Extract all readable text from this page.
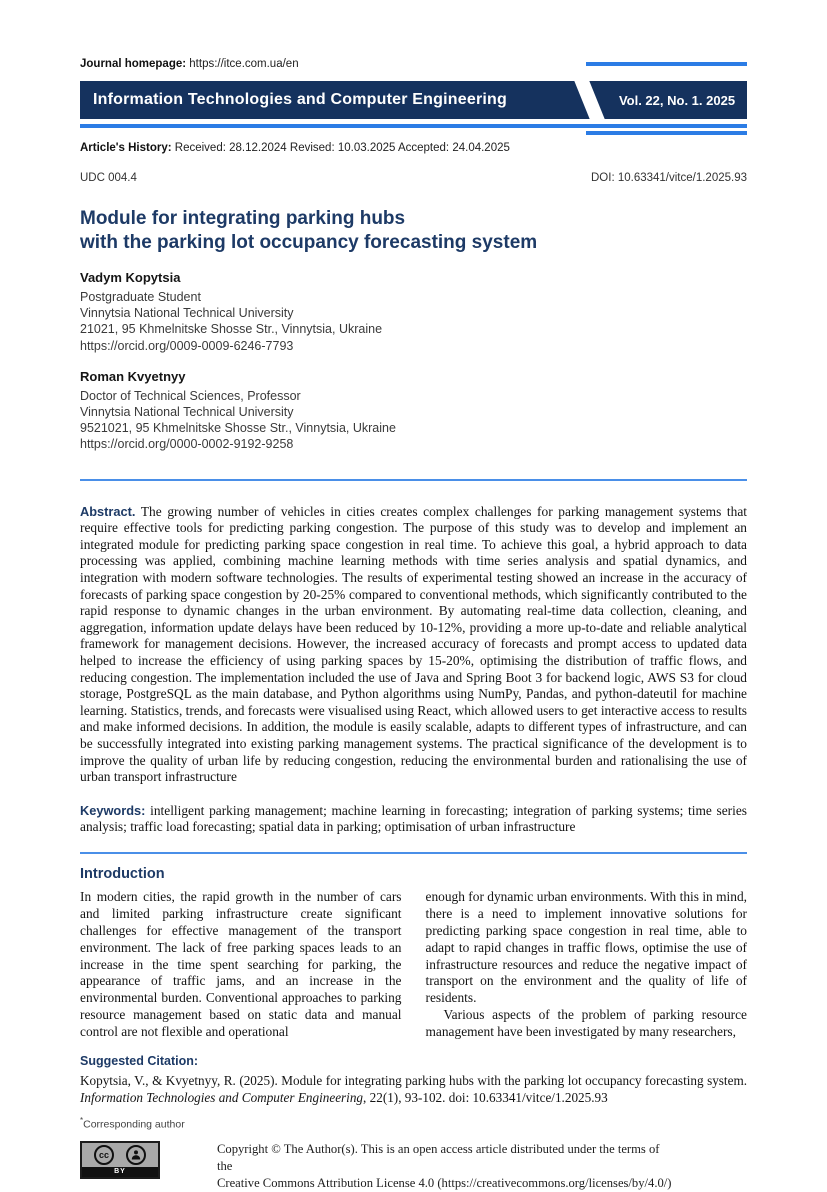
Journal homepage: https://itce.com.ua/en
Information Technologies and Computer Engineering	Vol. 22, No. 1. 2025
Article's History: Received: 28.12.2024 Revised: 10.03.2025 Accepted: 24.04.2025
UDC 004.4	DOI: 10.63341/vitce/1.2025.93
Module for integrating parking hubs
with the parking lot occupancy forecasting system
Vadym Kopytsia
Postgraduate Student
Vinnytsia National Technical University
21021, 95 Khmelnitske Shosse Str., Vinnytsia, Ukraine
https://orcid.org/0009-0009-6246-7793
Roman Kvyetnyy
Doctor of Technical Sciences, Professor
Vinnytsia National Technical University
9521021, 95 Khmelnitske Shosse Str., Vinnytsia, Ukraine
https://orcid.org/0000-0002-9192-9258
Abstract. The growing number of vehicles in cities creates complex challenges for parking management systems that require effective tools for predicting parking congestion. The purpose of this study was to develop and implement an integrated module for predicting parking space congestion in real time. To achieve this goal, a hybrid approach to data processing was applied, combining machine learning methods with time series analysis and spatial dynamics, and integration with modern software technologies. The results of experimental testing showed an increase in the accuracy of forecasts of parking space congestion by 20-25% compared to conventional methods, which significantly contributed to the rapid response to dynamic changes in the urban environment. By automating real-time data collection, cleaning, and aggregation, information update delays have been reduced by 10-12%, providing a more up-to-date and reliable analytical framework for management decisions. However, the increased accuracy of forecasts and prompt access to updated data helped to increase the efficiency of using parking spaces by 15-20%, optimising the distribution of traffic flows, and reducing congestion. The implementation included the use of Java and Spring Boot 3 for backend logic, AWS S3 for cloud storage, PostgreSQL as the main database, and Python algorithms using NumPy, Pandas, and python-dateutil for machine learning. Statistics, trends, and forecasts were visualised using React, which allowed users to get interactive access to results and make informed decisions. In addition, the module is easily scalable, adapts to different types of infrastructure, and can be successfully integrated into existing parking management systems. The practical significance of the development is to improve the quality of urban life by reducing congestion, reducing the environmental burden and rationalising the use of urban transport infrastructure
Keywords: intelligent parking management; machine learning in forecasting; integration of parking systems; time series analysis; traffic load forecasting; spatial data in parking; optimisation of urban infrastructure
Introduction

In modern cities, the rapid growth in the number of cars and limited parking infrastructure create significant challenges for effective management of the transport environment. The lack of free parking spaces leads to an increase in the time spent searching for parking, the appearance of traffic jams, and an increase in the environmental burden. Conventional approaches to parking resource management based on static data and manual control are not flexible and operational

enough for dynamic urban environments. With this in mind, there is a need to implement innovative solutions for predicting parking space congestion in real time, able to adapt to rapid changes in traffic flows, optimise the use of infrastructure resources and reduce the negative impact of transport on the environment and the quality of life of residents.

Various aspects of the problem of parking resource management have been investigated by many researchers,

Suggested Citation:
Kopytsia, V., & Kvyetnyy, R. (2025). Module for integrating parking hubs with the parking lot occupancy forecasting system. Information Technologies and Computer Engineering, 22(1), 93-102. doi: 10.63341/vitce/1.2025.93
*Corresponding author
cc
BY
Copyright © The Author(s). This is an open access article distributed under the terms of the
Creative Commons Attribution License 4.0 (https://creativecommons.org/licenses/by/4.0/)
